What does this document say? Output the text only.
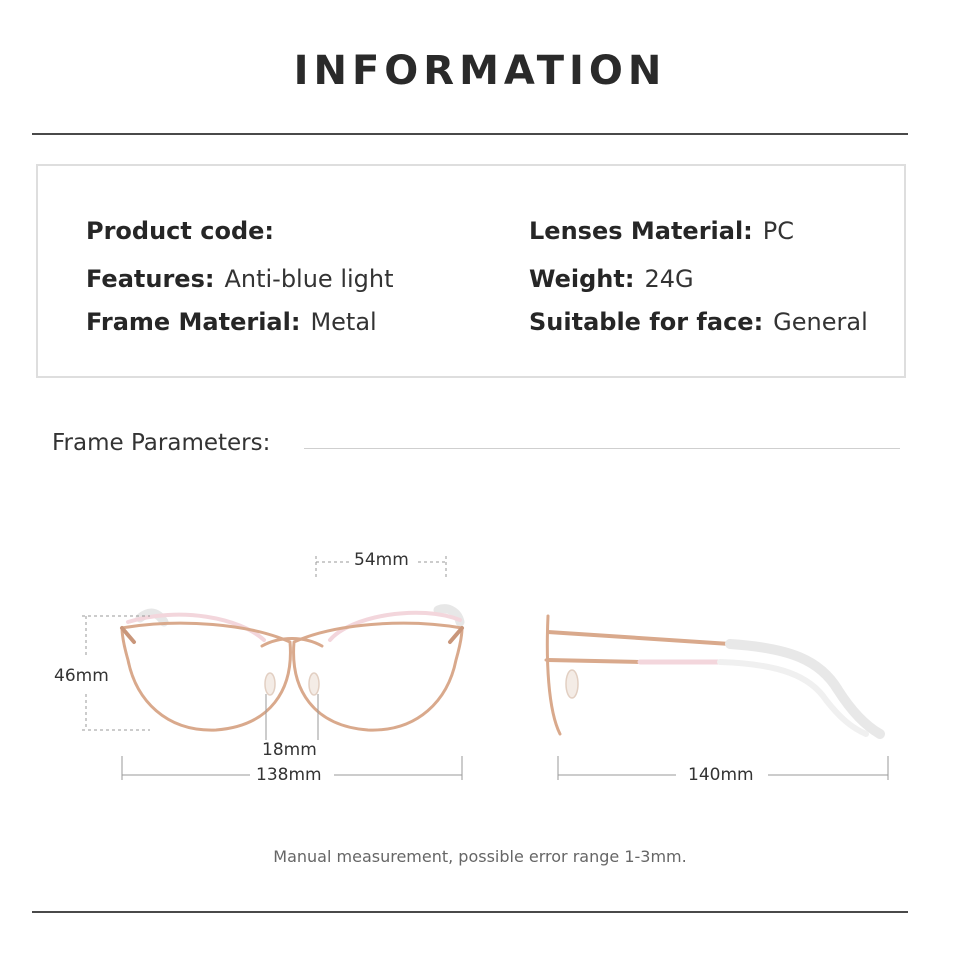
INFORMATION
Product code:
Features: Anti-blue light
Frame Material: Metal
Lenses Material: PC
Weight: 24G
Suitable for face: General
Frame Parameters:
54mm
46mm
18mm
138mm	140mm
Manual measurement, possible error range 1-3mm.
